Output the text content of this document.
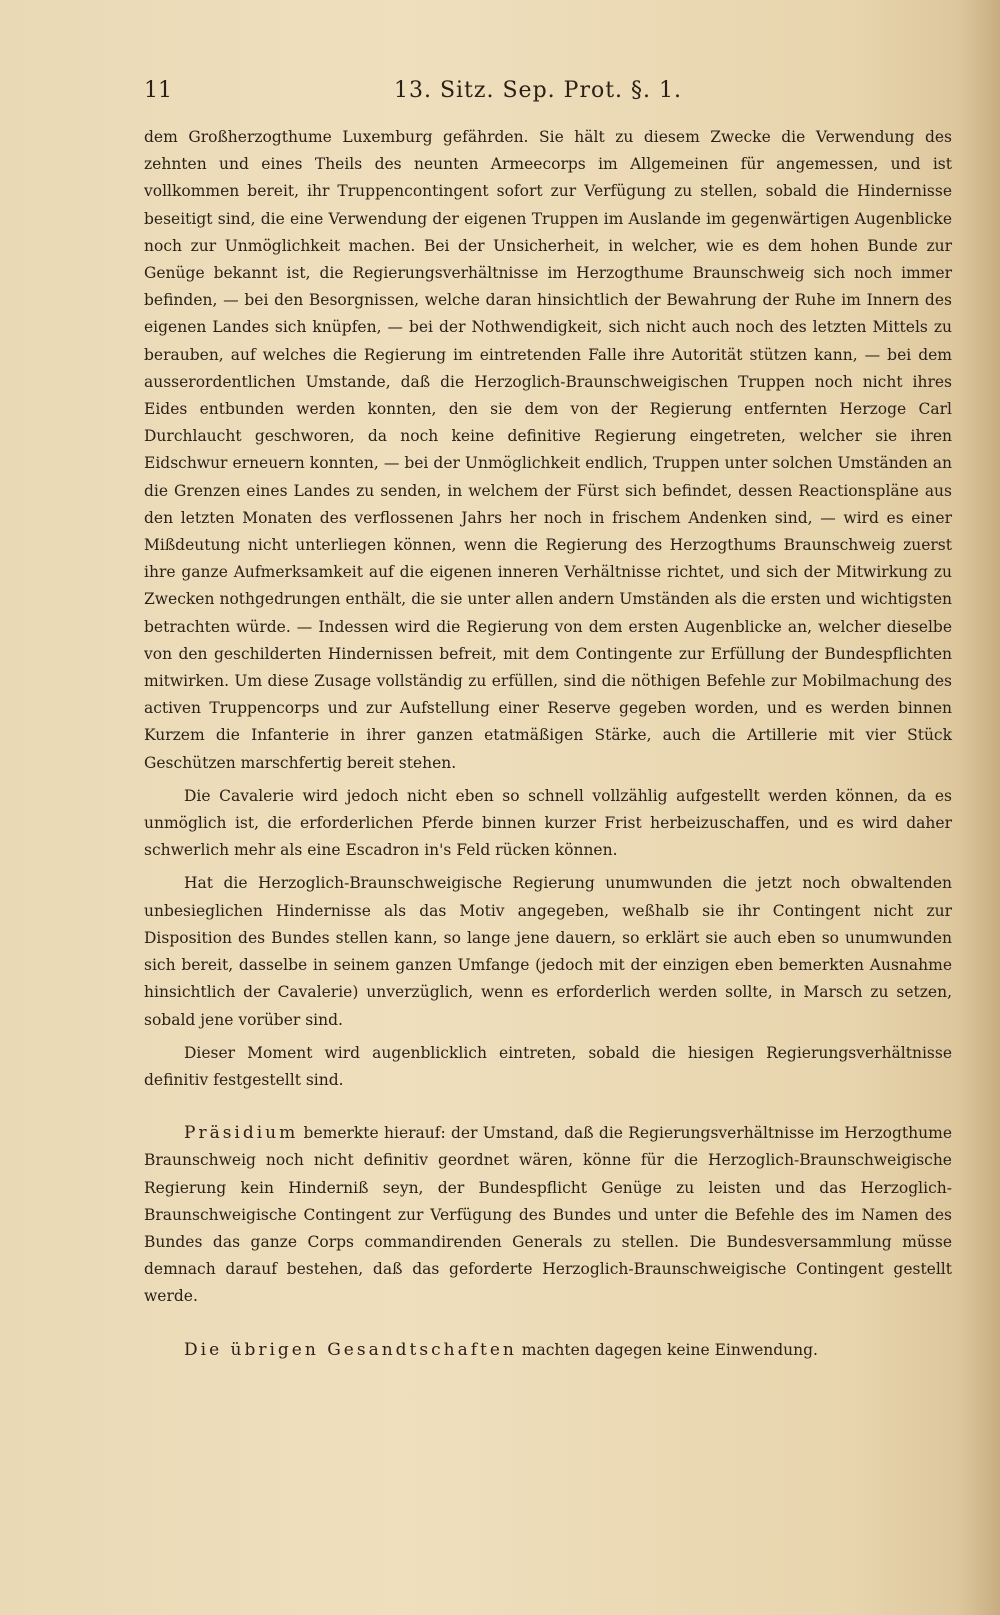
11	13. Sitz. Sep. Prot. §. 1.

dem Großherzogthume Luxemburg gefährden. Sie hält zu diesem Zwecke die Verwendung des zehnten und eines Theils des neunten Armeecorps im Allgemeinen für angemessen, und ist vollkommen bereit, ihr Truppencontingent sofort zur Verfügung zu stellen, sobald die Hindernisse beseitigt sind, die eine Verwendung der eigenen Truppen im Auslande im gegenwärtigen Augenblicke noch zur Unmöglichkeit machen. Bei der Unsicherheit, in welcher, wie es dem hohen Bunde zur Genüge bekannt ist, die Regierungsverhältnisse im Herzogthume Braunschweig sich noch immer befinden, — bei den Besorgnissen, welche daran hinsichtlich der Bewahrung der Ruhe im Innern des eigenen Landes sich knüpfen, — bei der Nothwendigkeit, sich nicht auch noch des letzten Mittels zu berauben, auf welches die Regierung im eintretenden Falle ihre Autorität stützen kann, — bei dem ausserordentlichen Umstande, daß die Herzoglich-Braunschweigischen Truppen noch nicht ihres Eides entbunden werden konnten, den sie dem von der Regierung entfernten Herzoge Carl Durchlaucht geschworen, da noch keine definitive Regierung eingetreten, welcher sie ihren Eidschwur erneuern konnten, — bei der Unmöglichkeit endlich, Truppen unter solchen Umständen an die Grenzen eines Landes zu senden, in welchem der Fürst sich befindet, dessen Reactionspläne aus den letzten Monaten des verflossenen Jahrs her noch in frischem Andenken sind, — wird es einer Mißdeutung nicht unterliegen können, wenn die Regierung des Herzogthums Braunschweig zuerst ihre ganze Aufmerksamkeit auf die eigenen inneren Verhältnisse richtet, und sich der Mitwirkung zu Zwecken nothgedrungen enthält, die sie unter allen andern Umständen als die ersten und wichtigsten betrachten würde. — Indessen wird die Regierung von dem ersten Augenblicke an, welcher dieselbe von den geschilderten Hindernissen befreit, mit dem Contingente zur Erfüllung der Bundespflichten mitwirken. Um diese Zusage vollständig zu erfüllen, sind die nöthigen Befehle zur Mobilmachung des activen Truppencorps und zur Aufstellung einer Reserve gegeben worden, und es werden binnen Kurzem die Infanterie in ihrer ganzen etatmäßigen Stärke, auch die Artillerie mit vier Stück Geschützen marschfertig bereit stehen.

Die Cavalerie wird jedoch nicht eben so schnell vollzählig aufgestellt werden können, da es unmöglich ist, die erforderlichen Pferde binnen kurzer Frist herbeizuschaffen, und es wird daher schwerlich mehr als eine Escadron in's Feld rücken können.

Hat die Herzoglich-Braunschweigische Regierung unumwunden die jetzt noch obwaltenden unbesieglichen Hindernisse als das Motiv angegeben, weßhalb sie ihr Contingent nicht zur Disposition des Bundes stellen kann, so lange jene dauern, so erklärt sie auch eben so unumwunden sich bereit, dasselbe in seinem ganzen Umfange (jedoch mit der einzigen eben bemerkten Ausnahme hinsichtlich der Cavalerie) unverzüglich, wenn es erforderlich werden sollte, in Marsch zu setzen, sobald jene vorüber sind.

Dieser Moment wird augenblicklich eintreten, sobald die hiesigen Regierungsverhältnisse definitiv festgestellt sind.

Präsidium bemerkte hierauf: der Umstand, daß die Regierungsverhältnisse im Herzogthume Braunschweig noch nicht definitiv geordnet wären, könne für die Herzoglich-Braunschweigische Regierung kein Hinderniß seyn, der Bundespflicht Genüge zu leisten und das Herzoglich-Braunschweigische Contingent zur Verfügung des Bundes und unter die Befehle des im Namen des Bundes das ganze Corps commandirenden Generals zu stellen. Die Bundesversammlung müsse demnach darauf bestehen, daß das geforderte Herzoglich-Braunschweigische Contingent gestellt werde.

Die übrigen Gesandtschaften machten dagegen keine Einwendung.
